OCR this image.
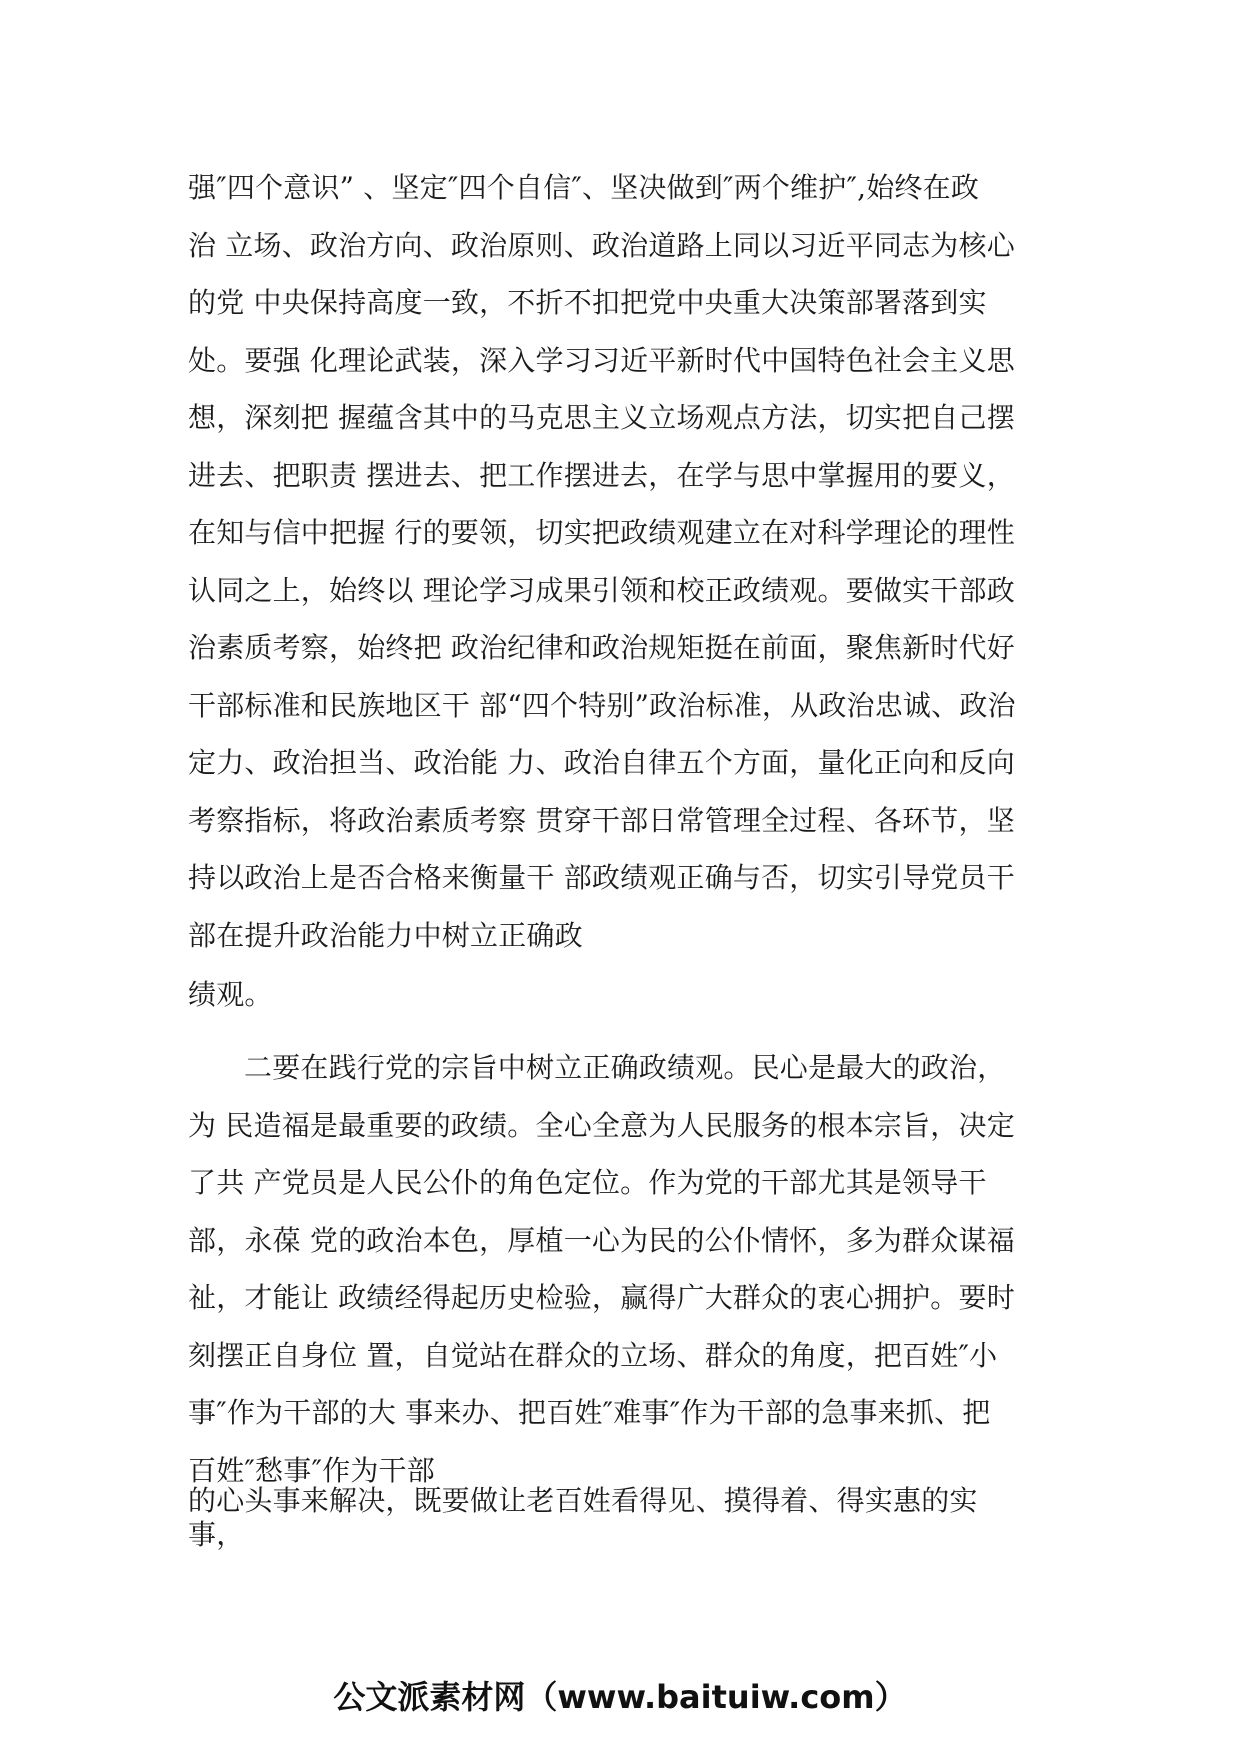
强″四个意识” 、坚定″四个自信″、坚决做到″两个维护″,始终在政
治 立场、政治方向、政治原则、政治道路上同以习近平同志为核心
的党 中央保持高度一致，不折不扣把党中央重大决策部署落到实
处。要强 化理论武装，深入学习习近平新时代中国特色社会主义思
想，深刻把 握蕴含其中的马克思主义立场观点方法，切实把自己摆
进去、把职责 摆进去、把工作摆进去，在学与思中掌握用的要义，
在知与信中把握 行的要领，切实把政绩观建立在对科学理论的理性
认同之上，始终以 理论学习成果引领和校正政绩观。要做实干部政
治素质考察，始终把 政治纪律和政治规矩挺在前面，聚焦新时代好
干部标准和民族地区干 部“四个特别”政治标准，从政治忠诚、政治
定力、政治担当、政治能 力、政治自律五个方面，量化正向和反向
考察指标，将政治素质考察 贯穿干部日常管理全过程、各环节，坚
持以政治上是否合格来衡量干 部政绩观正确与否，切实引导党员干
部在提升政治能力中树立正确政
绩观。
二要在践行党的宗旨中树立正确政绩观。民心是最大的政治，
为 民造福是最重要的政绩。全心全意为人民服务的根本宗旨，决定
了共 产党员是人民公仆的角色定位。作为党的干部尤其是领导干
部，永葆 党的政治本色，厚植一心为民的公仆情怀，多为群众谋福
祉，才能让 政绩经得起历史检验，赢得广大群众的衷心拥护。要时
刻摆正自身位 置，自觉站在群众的立场、群众的角度，把百姓″小
事″作为干部的大 事来办、把百姓″难事″作为干部的急事来抓、把
百姓″愁事″作为干部
的心头事来解决，既要做让老百姓看得见、摸得着、得实惠的实
事，
公文派素材网（www.baituiw.com）
